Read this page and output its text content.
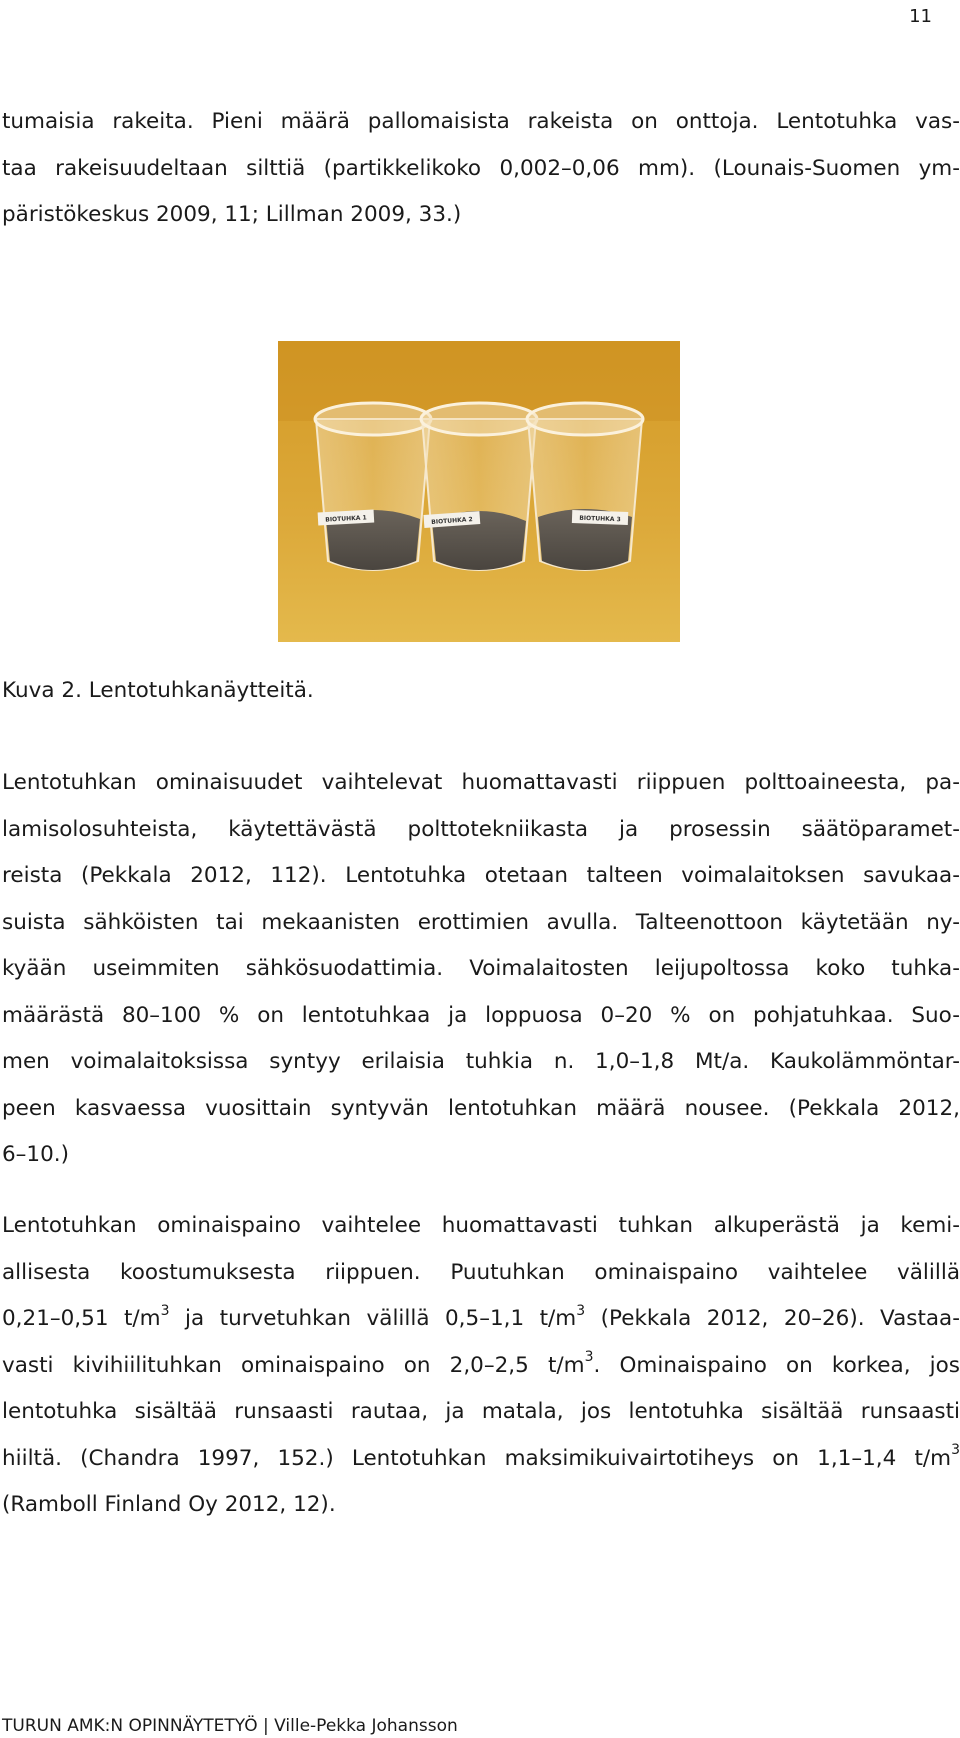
11

tumaisia rakeita. Pieni määrä pallomaisista rakeista on onttoja. Lentotuhka vas-
taa rakeisuudeltaan silttiä (partikkelikoko 0,002–0,06 mm). (Lounais-Suomen ym-
päristökeskus 2009, 11; Lillman 2009, 33.)

BIOTUHKA 1	BIOTUHKA 2	BIOTUHKA 3

Kuva 2. Lentotuhkanäytteitä.

Lentotuhkan ominaisuudet vaihtelevat huomattavasti riippuen polttoaineesta, pa-
lamisolosuhteista, käytettävästä polttotekniikasta ja prosessin säätöparamet-
reista (Pekkala 2012, 112). Lentotuhka otetaan talteen voimalaitoksen savukaa-
suista sähköisten tai mekaanisten erottimien avulla. Talteenottoon käytetään ny-
kyään useimmiten sähkösuodattimia. Voimalaitosten leijupoltossa koko tuhka-
määrästä 80–100 % on lentotuhkaa ja loppuosa 0–20 % on pohjatuhkaa. Suo-
men voimalaitoksissa syntyy erilaisia tuhkia n. 1,0–1,8 Mt/a. Kaukolämmöntar-
peen kasvaessa vuosittain syntyvän lentotuhkan määrä nousee. (Pekkala 2012,
6–10.)

Lentotuhkan ominaispaino vaihtelee huomattavasti tuhkan alkuperästä ja kemi-
allisesta koostumuksesta riippuen. Puutuhkan ominaispaino vaihtelee välillä
0,21–0,51 $t/m^3$ ja turvetuhkan välillä 0,5–1,1 $t/m^3$ (Pekkala 2012, 20–26). Vastaa-
vasti kivihiilituhkan ominaispaino on 2,0–2,5 $t/m^3$. Ominaispaino on korkea, jos
lentotuhka sisältää runsaasti rautaa, ja matala, jos lentotuhka sisältää runsaasti
hiiltä. (Chandra 1997, 152.) Lentotuhkan maksimikuivairtotiheys on 1,1–1,4 $t/m^3$
(Ramboll Finland Oy 2012, 12).

TURUN AMK:N OPINNÄYTETYÖ | Ville-Pekka Johansson
